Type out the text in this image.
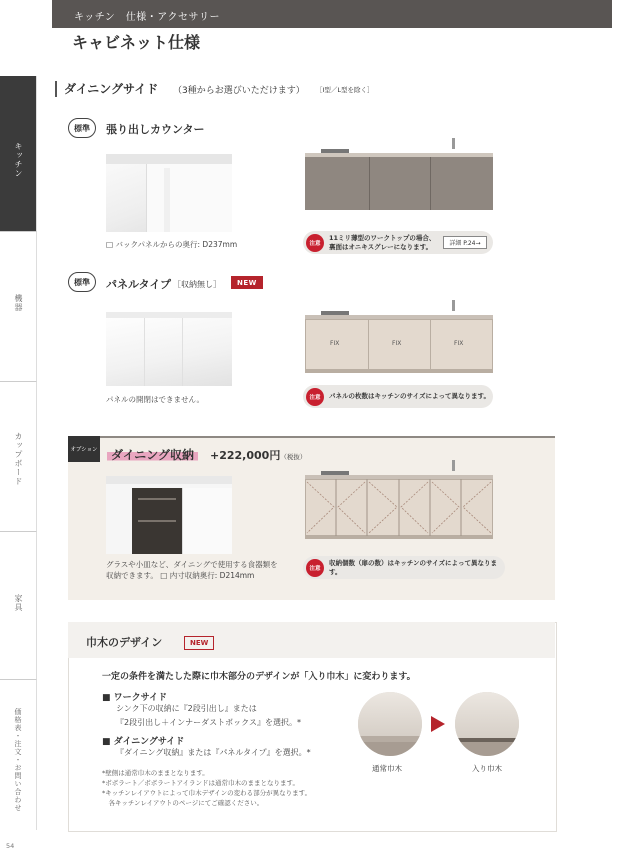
キッチン　仕様・アクセサリー
キャビネット仕様
キッチン
機器
カップボード
家具
価格表・注文・お問い合わせ
ダイニングサイド （3種からお選びいただけます） ［I型／L型を除く］
標準	張り出しカウンター
□ バックパネルからの奥行: D237mm	注意
11ミリ薄型のワークトップの場合、
裏面はオニキスグレーになります。	詳細 P.24→
標準	パネルタイプ ［収納無し］	NEW
パネルの開閉はできません。
FIX	FIX	FIX
注意	パネルの枚数はキッチンのサイズによって異なります。
オプション	ダイニング収納	+222,000円（税抜）
グラスや小皿など、ダイニングで使用する食器類を
収納できます。 □ 内寸収納奥行: D214mm
注意
収納個数（扉の数）はキッチンのサイズによって異なります。
巾木のデザイン	NEW
一定の条件を満たした際に巾木部分のデザインが「入り巾木」に変わります。
■ ワークサイド
シンク下の収納に『2段引出し』または
『2段引出し＋インナーダストボックス』を選択。*
■ ダイニングサイド
『ダイニング収納』または『パネルタイプ』を選択。*
*壁側は通常巾木のままとなります。
*ボボラート／ボボラートアイランドは通常巾木のままとなります。
*キッチンレイアウトによって巾木デザインの変わる部分が異なります。
　各キッチンレイアウトのページにてご確認ください。
通常巾木	入り巾木
54
